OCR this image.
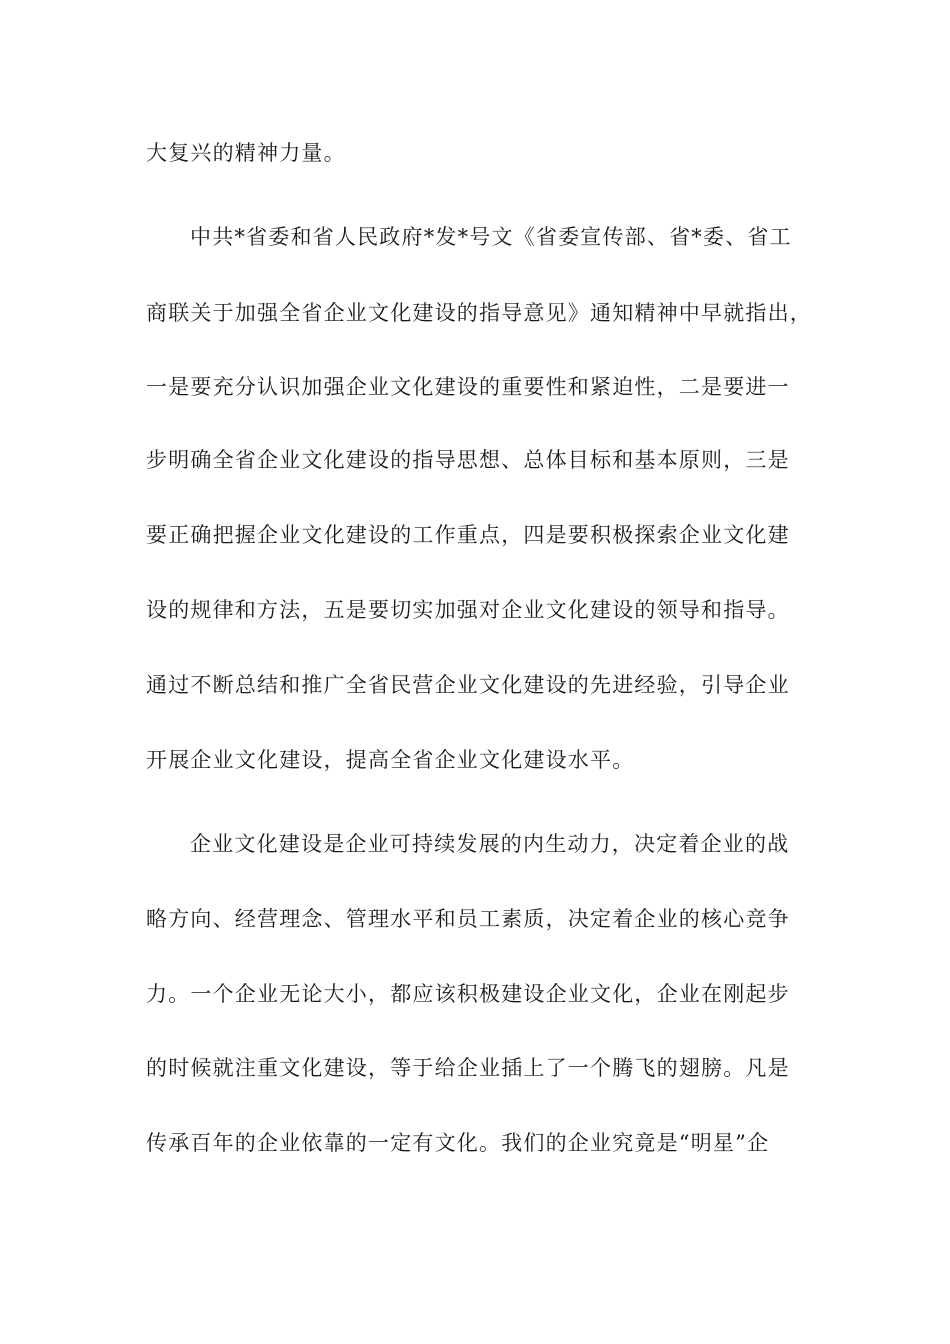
大复兴的精神力量。
中共*省委和省人民政府*发*号文《省委宣传部、省*委、省工
商联关于加强全省企业文化建设的指导意见》通知精神中早就指出，
一是要充分认识加强企业文化建设的重要性和紧迫性，二是要进一
步明确全省企业文化建设的指导思想、总体目标和基本原则，三是
要正确把握企业文化建设的工作重点，四是要积极探索企业文化建
设的规律和方法，五是要切实加强对企业文化建设的领导和指导。
通过不断总结和推广全省民营企业文化建设的先进经验，引导企业
开展企业文化建设，提高全省企业文化建设水平。
企业文化建设是企业可持续发展的内生动力，决定着企业的战
略方向、经营理念、管理水平和员工素质，决定着企业的核心竞争
力。一个企业无论大小，都应该积极建设企业文化，企业在刚起步
的时候就注重文化建设，等于给企业插上了一个腾飞的翅膀。凡是
传承百年的企业依靠的一定有文化。我们的企业究竟是“明星”企
